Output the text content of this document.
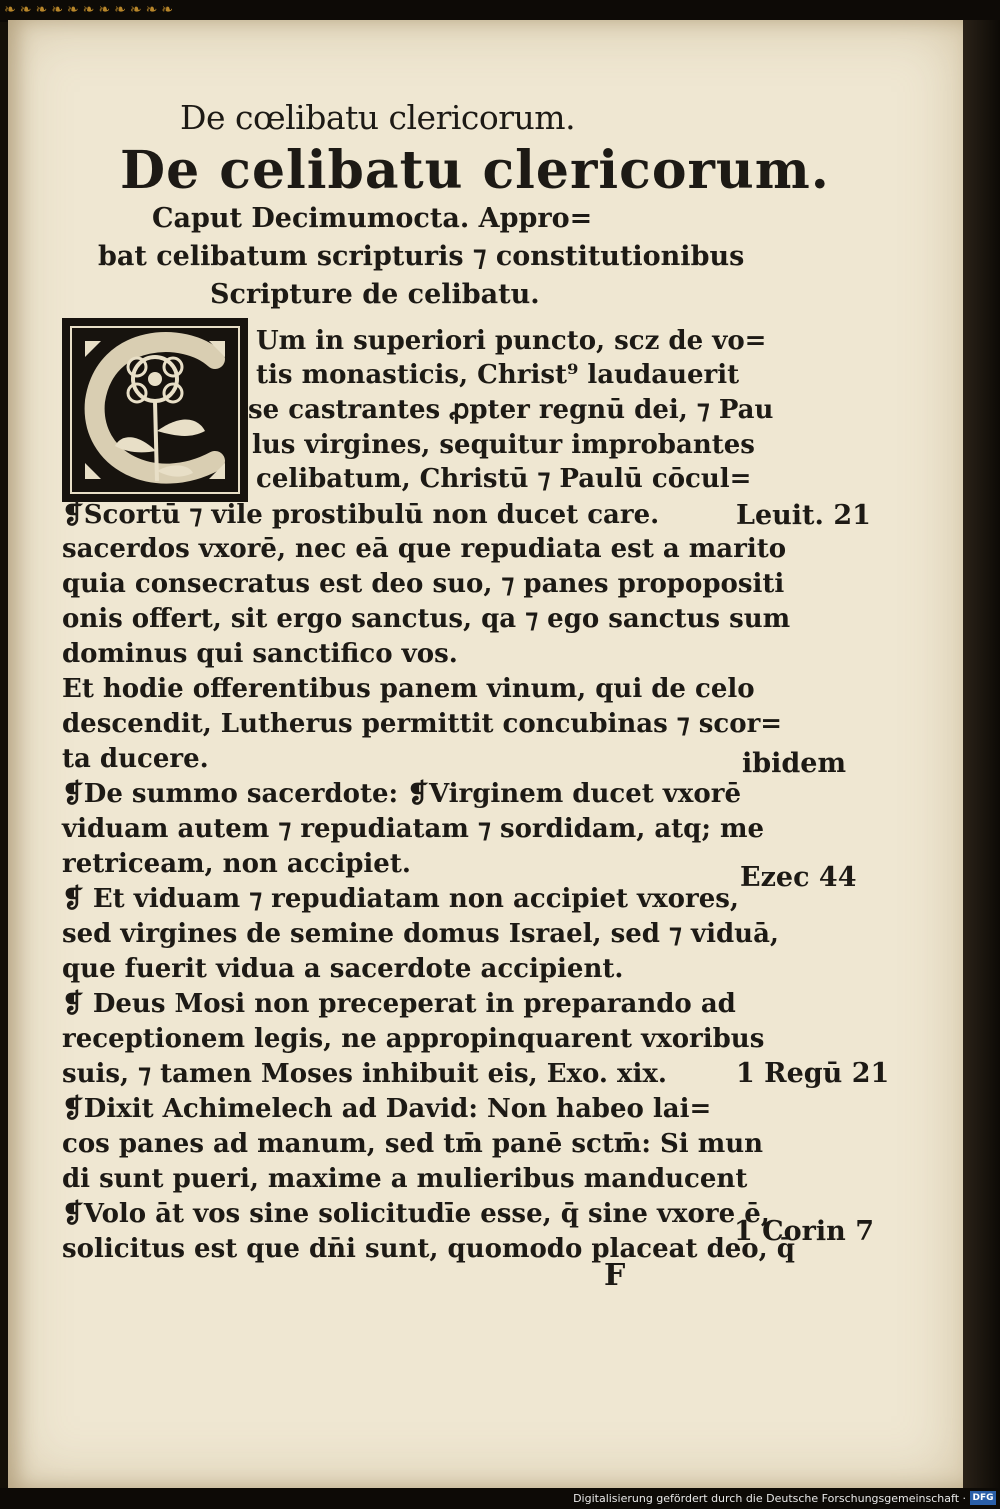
❧❧❧❧❧❧❧❧❧❧❧
De cœlibatu clericorum.
De celibatu clericorum.
Caput Decimumocta. Appro=
bat celibatum scripturis ⁊ constitutionibus
Scripture de celibatu.
Um in superiori puncto, scz de vo=
tis monasticis, Christ⁹ laudauerit
se castrantes ꝓpter regnū dei, ⁊ Pau
lus virgines, sequitur improbantes
celibatum, Christū ⁊ Paulū cōcul=
❡Scortū ⁊ vile prostibulū non ducet care.
sacerdos vxorē, nec eā que repudiata est a marito
quia consecratus est deo suo, ⁊ panes propopositi
onis offert, sit ergo sanctus, qa ⁊ ego sanctus sum
dominus qui sanctifico vos.
Et hodie offerentibus panem vinum, qui de celo
descendit, Lutherus permittit concubinas ⁊ scor=
ta ducere.
❡De summo sacerdote: ❡Virginem ducet vxorē
viduam autem ⁊ repudiatam ⁊ sordidam, atq; me
retriceam, non accipiet.
❡ Et viduam ⁊ repudiatam non accipiet vxores,
sed virgines de semine domus Israel, sed ⁊ viduā,
que fuerit vidua a sacerdote accipient.
❡ Deus Mosi non preceperat in preparando ad
receptionem legis, ne appropinquarent vxoribus
suis, ⁊ tamen Moses inhibuit eis, Exo. xix.
❡Dixit Achimelech ad David: Non habeo lai=
cos panes ad manum, sed tm̄ panē sctm̄: Si mun
di sunt pueri, maxime a mulieribus manducent
❡Volo āt vos sine solicitudīe esse, q̄ sine vxore ē,
solicitus est que dn̄i sunt, quomodo placeat deo, q̄
Leuit. 21
ibidem
Ezec 44
1 Regū 21
1 Corin 7
F
Digitalisierung gefördert durch die Deutsche Forschungsgemeinschaft · DFG
